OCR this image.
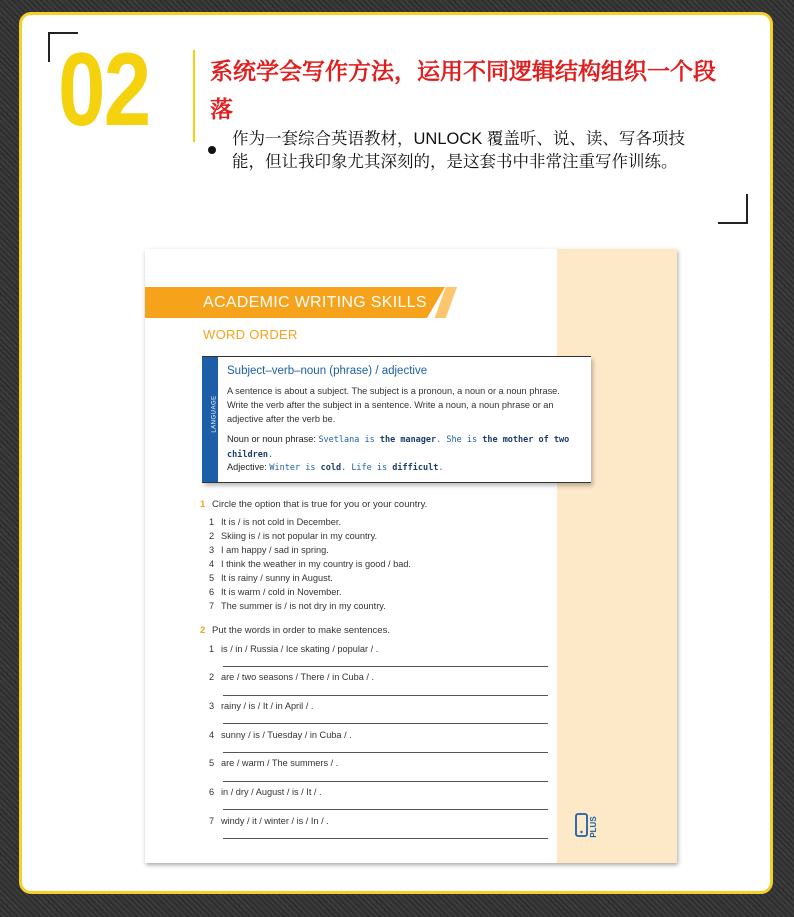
02	系统学会写作方法，运用不同逻辑结构组织一个段落
作为一套综合英语教材，UNLOCK 覆盖听、说、读、写各项技能，但让我印象尤其深刻的，是这套书中非常注重写作训练。
ACADEMIC WRITING SKILLS
WORD ORDER
LANGUAGE
Subject–verb–noun (phrase) / adjective
A sentence is about a subject. The subject is a pronoun, a noun or a noun phrase. Write the verb after the subject in a sentence. Write a noun, a noun phrase or an adjective after the verb be.
Noun or noun phrase: Svetlana is the manager. She is the mother of two children.
Adjective: Winter is cold. Life is difficult.
1 Circle the option that is true for you or your country.
1 It is / is not cold in December.
2 Skiing is / is not popular in my country.
3 I am happy / sad in spring.
4 I think the weather in my country is good / bad.
5 It is rainy / sunny in August.
6 It is warm / cold in November.
7 The summer is / is not dry in my country.
2 Put the words in order to make sentences.
1 is / in / Russia / Ice skating / popular / .
2 are / two seasons / There / in Cuba / .
3 rainy / is / It / in April / .
4 sunny / is / Tuesday / in Cuba / .
5 are / warm / The summers / .
6 in / dry / August / is / It / .
7 windy / it / winter / is / In / .	PLUS
